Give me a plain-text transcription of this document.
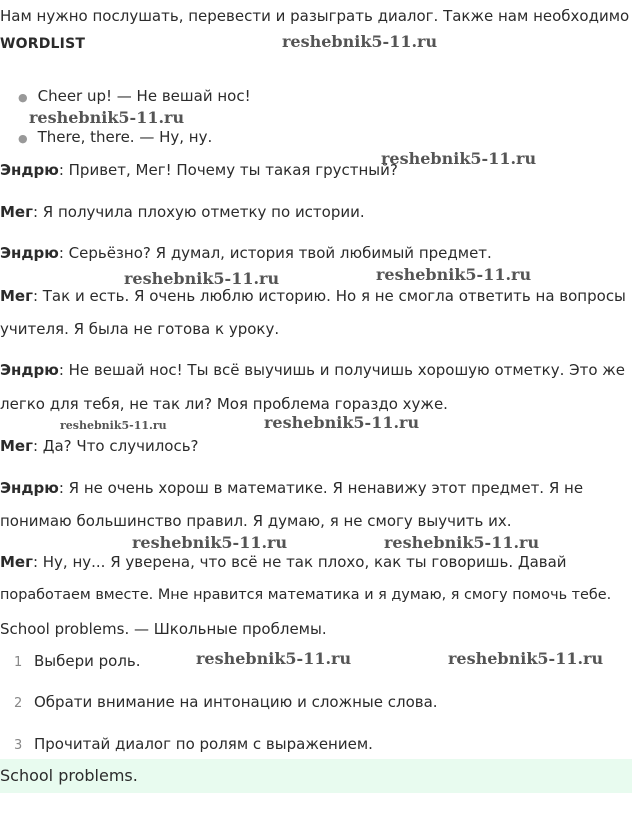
Нам нужно послушать, перевести и разыграть диалог. Также нам необходимо
WORDLIST	reshebnik5-11.ru
● Cheer up! — Не вешай нос!
reshebnik5-11.ru
● There, there. — Ну, ну.
Эндрю: Привет, Мег! Почему ты такая грустный?
reshebnik5-11.ru
Мег: Я получила плохую отметку по истории.
Эндрю: Серьёзно? Я думал, история твой любимый предмет.
reshebnik5-11.ru	reshebnik5-11.ru
Мег: Так и есть. Я очень люблю историю. Но я не смогла ответить на вопросы
учителя. Я была не готова к уроку.
Эндрю: Не вешай нос! Ты всё выучишь и получишь хорошую отметку. Это же
легко для тебя, не так ли? Моя проблема гораздо хуже.
reshebnik5-11.ru	reshebnik5-11.ru
Мег: Да? Что случилось?
Эндрю: Я не очень хорош в математике. Я ненавижу этот предмет. Я не
понимаю большинство правил. Я думаю, я не смогу выучить их.
reshebnik5-11.ru	reshebnik5-11.ru
Мег: Ну, ну... Я уверена, что всё не так плохо, как ты говоришь. Давай
поработаем вместе. Мне нравится математика и я думаю, я смогу помочь тебе.
School problems. — Школьные проблемы.
1 Выбери роль.	reshebnik5-11.ru	reshebnik5-11.ru
2 Обрати внимание на интонацию и сложные слова.
3 Прочитай диалог по ролям с выражением.
School problems.
